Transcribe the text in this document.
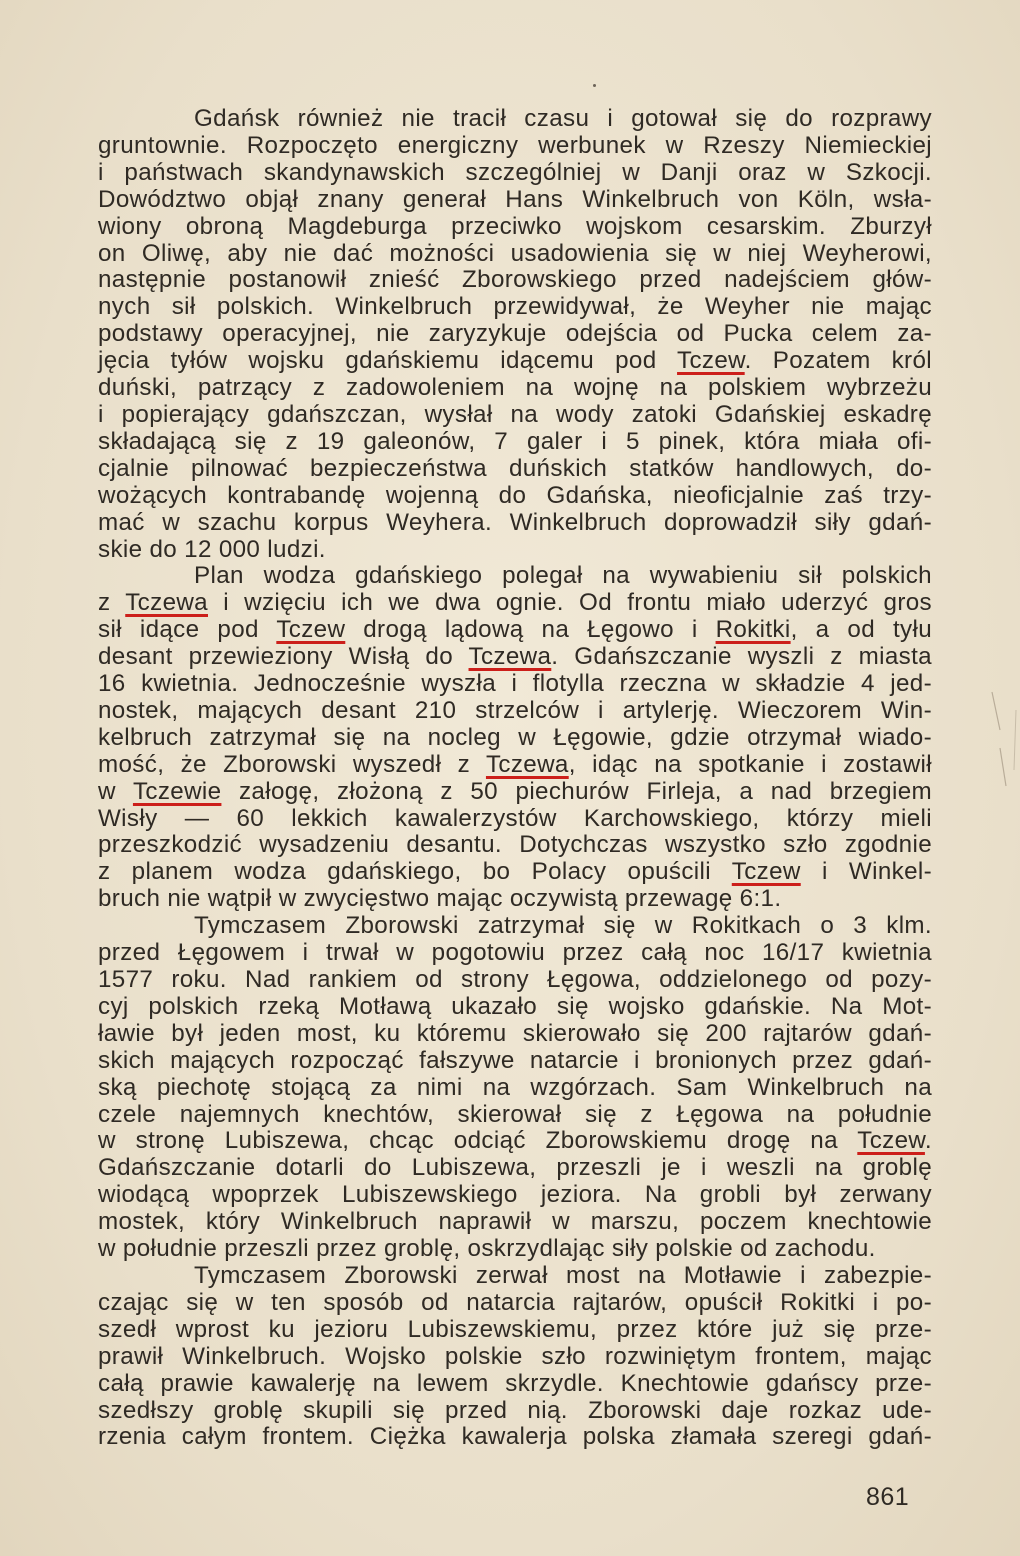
Gdańsk również nie tracił czasu i gotował się do rozprawy
gruntownie. Rozpoczęto energiczny werbunek w Rzeszy Niemieckiej
i państwach skandynawskich szczególniej w Danji oraz w Szkocji.
Dowództwo objął znany generał Hans Winkelbruch von Köln, wsła-
wiony obroną Magdeburga przeciwko wojskom cesarskim. Zburzył
on Oliwę, aby nie dać możności usadowienia się w niej Weyherowi,
następnie postanowił znieść Zborowskiego przed nadejściem głów-
nych sił polskich. Winkelbruch przewidywał, że Weyher nie mając
podstawy operacyjnej, nie zaryzykuje odejścia od Pucka celem za-
jęcia tyłów wojsku gdańskiemu idącemu pod Tczew. Pozatem król
duński, patrzący z zadowoleniem na wojnę na polskiem wybrzeżu
i popierający gdańszczan, wysłał na wody zatoki Gdańskiej eskadrę
składającą się z 19 galeonów, 7 galer i 5 pinek, która miała ofi-
cjalnie pilnować bezpieczeństwa duńskich statków handlowych, do-
wożących kontrabandę wojenną do Gdańska, nieoficjalnie zaś trzy-
mać w szachu korpus Weyhera. Winkelbruch doprowadził siły gdań-
skie do 12 000 ludzi.
Plan wodza gdańskiego polegał na wywabieniu sił polskich
z Tczewa i wzięciu ich we dwa ognie. Od frontu miało uderzyć gros
sił idące pod Tczew drogą lądową na Łęgowo i Rokitki, a od tyłu
desant przewieziony Wisłą do Tczewa. Gdańszczanie wyszli z miasta
16 kwietnia. Jednocześnie wyszła i flotylla rzeczna w składzie 4 jed-
nostek, mających desant 210 strzelców i artylerję. Wieczorem Win-
kelbruch zatrzymał się na nocleg w Łęgowie, gdzie otrzymał wiado-
mość, że Zborowski wyszedł z Tczewa, idąc na spotkanie i zostawił
w Tczewie załogę, złożoną z 50 piechurów Firleja, a nad brzegiem
Wisły — 60 lekkich kawalerzystów Karchowskiego, którzy mieli
przeszkodzić wysadzeniu desantu. Dotychczas wszystko szło zgodnie
z planem wodza gdańskiego, bo Polacy opuścili Tczew i Winkel-
bruch nie wątpił w zwycięstwo mając oczywistą przewagę 6:1.
Tymczasem Zborowski zatrzymał się w Rokitkach o 3 klm.
przed Łęgowem i trwał w pogotowiu przez całą noc 16/17 kwietnia
1577 roku. Nad rankiem od strony Łęgowa, oddzielonego od pozy-
cyj polskich rzeką Motławą ukazało się wojsko gdańskie. Na Mot-
ławie był jeden most, ku któremu skierowało się 200 rajtarów gdań-
skich mających rozpocząć fałszywe natarcie i bronionych przez gdań-
ską piechotę stojącą za nimi na wzgórzach. Sam Winkelbruch na
czele najemnych knechtów, skierował się z Łęgowa na południe
w stronę Lubiszewa, chcąc odciąć Zborowskiemu drogę na Tczew.
Gdańszczanie dotarli do Lubiszewa, przeszli je i weszli na groblę
wiodącą wpoprzek Lubiszewskiego jeziora. Na grobli był zerwany
mostek, który Winkelbruch naprawił w marszu, poczem knechtowie
w południe przeszli przez groblę, oskrzydlając siły polskie od zachodu.
Tymczasem Zborowski zerwał most na Motławie i zabezpie-
czając się w ten sposób od natarcia rajtarów, opuścił Rokitki i po-
szedł wprost ku jezioru Lubiszewskiemu, przez które już się prze-
prawił Winkelbruch. Wojsko polskie szło rozwiniętym frontem, mając
całą prawie kawalerję na lewem skrzydle. Knechtowie gdańscy prze-
szedłszy groblę skupili się przed nią. Zborowski daje rozkaz ude-
rzenia całym frontem. Ciężka kawalerja polska złamała szeregi gdań-
861
